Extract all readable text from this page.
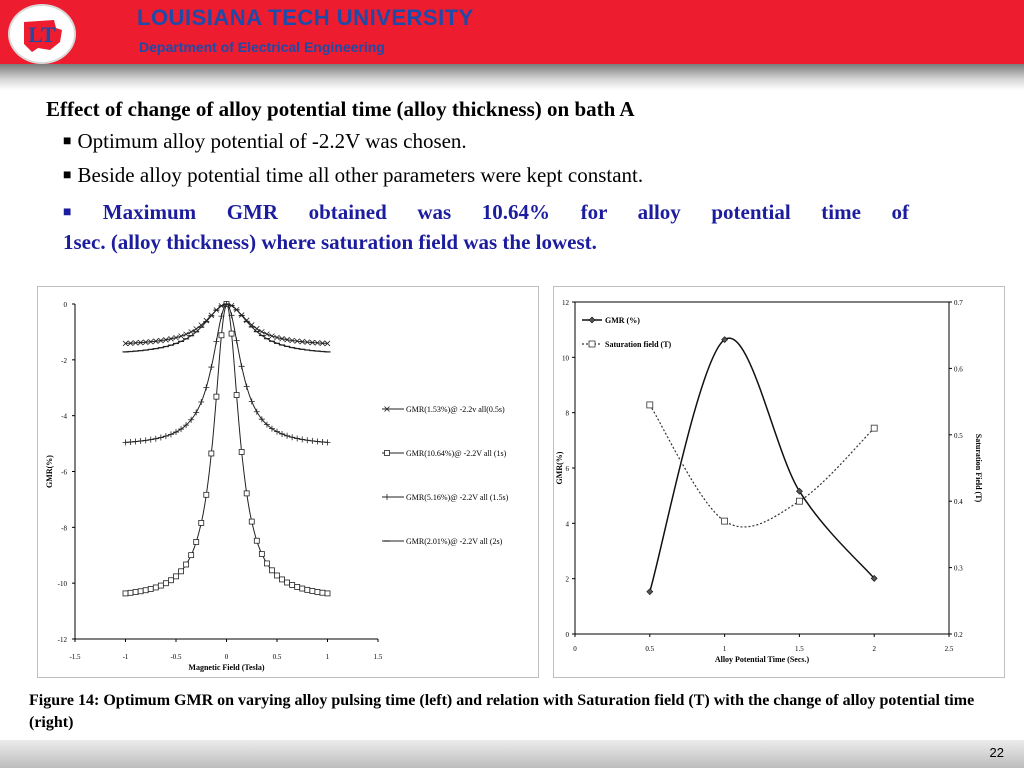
LT
LOUISIANA TECH UNIVERSITY
Department of Electrical Engineering
Effect of change of alloy potential time (alloy thickness) on bath A
■ Optimum alloy potential of -2.2V was chosen.
■ Beside alloy potential time all other parameters were kept constant.
■ Maximum GMR obtained was 10.64% for alloy potential time of
1sec. (alloy thickness) where saturation field was the lowest.
0
-2
-4
-6
-8
-10
-12
-1.5	-1	-0.5	0	0.5	1	1.5
Magnetic Field (Tesla)
GMR(%)
GMR(1.53%)@ -2.2v all(0.5s)
GMR(10.64%)@ -2.2V all (1s)
GMR(5.16%)@ -2.2V all (1.5s)
GMR(2.01%)@ -2.2V all (2s)
0
2
4
6
8
10
12
0.2
0.3
0.4
0.5
0.6
0.7
0	0.5	1	1.5	2	2.5
Alloy Potential Time (Secs.)
GMR(%)	Saturation Field (T)
GMR (%)
Saturation field (T)
Figure 14: Optimum GMR on varying alloy pulsing time (left) and relation with Saturation field (T) with the change of alloy potential time (right)
22
